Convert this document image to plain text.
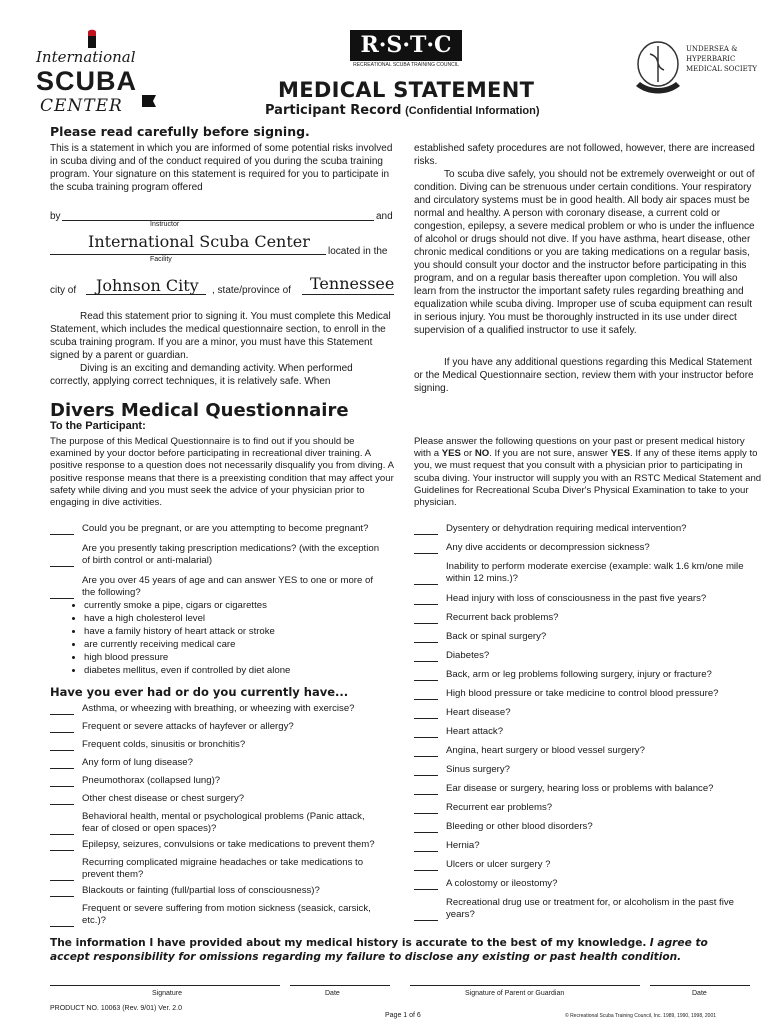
International
SCUBA
CENTER
R·S·T·C
RECREATIONAL SCUBA TRAINING COUNCIL
MEDICAL STATEMENT
Participant Record (Confidential Information)
UNDERSEA &
HYPERBARIC
MEDICAL SOCIETY
Please read carefully before signing.
This is a statement in which you are informed of some potential risks involved in scuba diving and of the conduct required of you during the scuba training program. Your signature on this statement is required for you to participate in the scuba training program offered
by	and
Instructor
International Scuba Center
located in the
Facility
city of Johnson City , state/province of Tennessee
Read this statement prior to signing it. You must complete this Medical Statement, which includes the medical questionnaire section, to enroll in the scuba training program. If you are a minor, you must have this Statement signed by a parent or guardian.
Diving is an exciting and demanding activity. When performed correctly, applying correct techniques, it is relatively safe. When
established safety procedures are not followed, however, there are increased risks.
To scuba dive safely, you should not be extremely overweight or out of condition. Diving can be strenuous under certain conditions. Your respiratory and circulatory systems must be in good health. All body air spaces must be normal and healthy. A person with coronary disease, a current cold or congestion, epilepsy, a severe medical problem or who is under the influence of alcohol or drugs should not dive. If you have asthma, heart disease, other chronic medical conditions or you are taking medications on a regular basis, you should consult your doctor and the instructor before participating in this program, and on a regular basis thereafter upon completion. You will also learn from the instructor the important safety rules regarding breathing and equalization while scuba diving. Improper use of scuba equipment can result in serious injury. You must be thoroughly instructed in its use under direct supervision of a qualified instructor to use it safely.
If you have any additional questions regarding this Medical Statement or the Medical Questionnaire section, review them with your instructor before signing.
Divers Medical Questionnaire
To the Participant:
The purpose of this Medical Questionnaire is to find out if you should be examined by your doctor before participating in recreational diver training. A positive response to a question does not necessarily disqualify you from diving. A positive response means that there is a preexisting condition that may affect your safety while diving and you must seek the advice of your physician prior to engaging in dive activities.
Please answer the following questions on your past or present medical history with a YES or NO. If you are not sure, answer YES. If any of these items apply to you, we must request that you consult with a physician prior to participating in scuba diving. Your instructor will supply you with an RSTC Medical Statement and Guidelines for Recreational Scuba Diver's Physical Examination to take to your physician.
Could you be pregnant, or are you attempting to become pregnant?
Are you presently taking prescription medications? (with the exception of birth control or anti-malarial)
Are you over 45 years of age and can answer YES to one or more of the following?
• currently smoke a pipe, cigars or cigarettes
• have a high cholesterol level
• have a family history of heart attack or stroke
• are currently receiving medical care
• high blood pressure
• diabetes mellitus, even if controlled by diet alone
Have you ever had or do you currently have...
Asthma, or wheezing with breathing, or wheezing with exercise?
Frequent or severe attacks of hayfever or allergy?
Frequent colds, sinusitis or bronchitis?
Any form of lung disease?
Pneumothorax (collapsed lung)?
Other chest disease or chest surgery?
Behavioral health, mental or psychological problems (Panic attack, fear of closed or open spaces)?
Epilepsy, seizures, convulsions or take medications to prevent them?
Recurring complicated migraine headaches or take medications to prevent them?
Blackouts or fainting (full/partial loss of consciousness)?
Frequent or severe suffering from motion sickness (seasick, carsick, etc.)?
Dysentery or dehydration requiring medical intervention?
Any dive accidents or decompression sickness?
Inability to perform moderate exercise (example: walk 1.6 km/one mile within 12 mins.)?
Head injury with loss of consciousness in the past five years?
Recurrent back problems?
Back or spinal surgery?
Diabetes?
Back, arm or leg problems following surgery, injury or fracture?
High blood pressure or take medicine to control blood pressure?
Heart disease?
Heart attack?
Angina, heart surgery or blood vessel surgery?
Sinus surgery?
Ear disease or surgery, hearing loss or problems with balance?
Recurrent ear problems?
Bleeding or other blood disorders?
Hernia?
Ulcers or ulcer surgery ?
A colostomy or ileostomy?
Recreational drug use or treatment for, or alcoholism in the past five years?
The information I have provided about my medical history is accurate to the best of my knowledge. I agree to accept responsibility for omissions regarding my failure to disclose any existing or past health condition.
Signature	Date	Signature of Parent or Guardian	Date
PRODUCT NO. 10063 (Rev. 9/01) Ver. 2.0
Page 1 of 6	© Recreational Scuba Training Council, Inc. 1989, 1990, 1998, 2001
